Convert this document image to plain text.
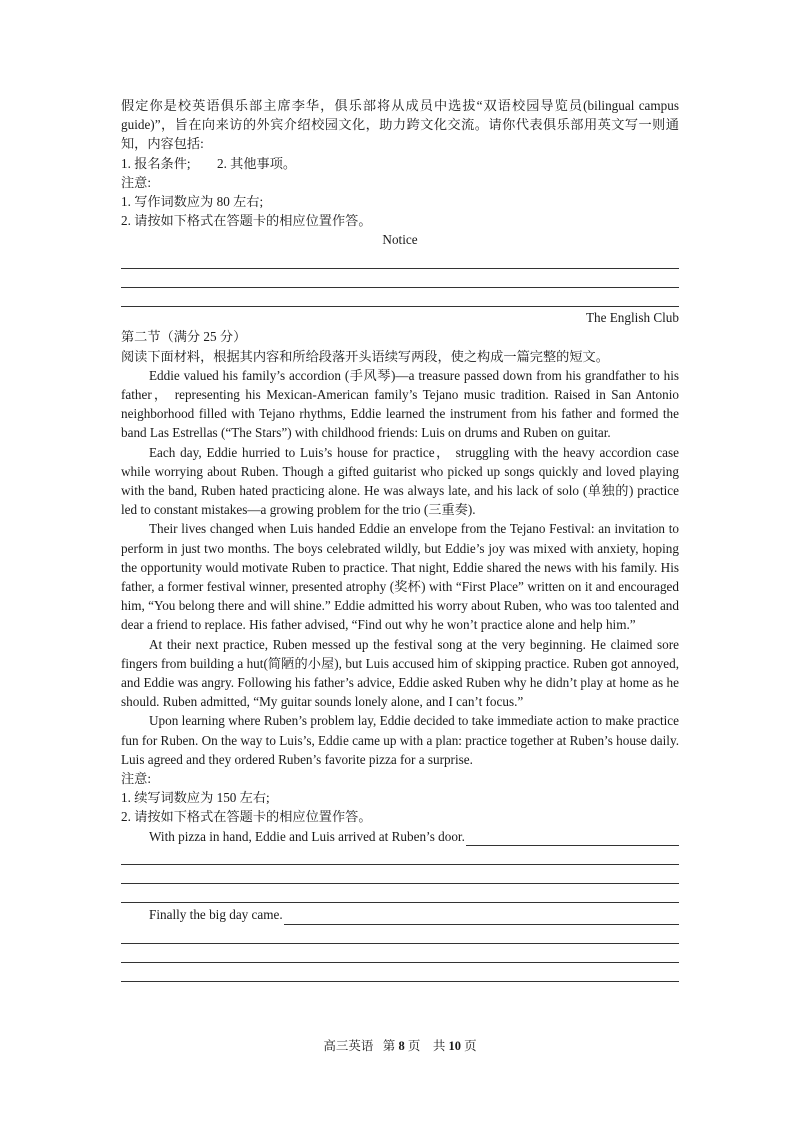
假定你是校英语俱乐部主席李华，俱乐部将从成员中选拔“双语校园导览员(bilingual campus guide)”，旨在向来访的外宾介绍校园文化，助力跨文化交流。请你代表俱乐部用英文写一则通知，内容包括:

1. 报名条件;　　2. 其他事项。

注意:

1. 写作词数应为 80 左右;

2. 请按如下格式在答题卡的相应位置作答。

Notice

The English Club

第二节（满分 25 分）

阅读下面材料，根据其内容和所给段落开头语续写两段，使之构成一篇完整的短文。

Eddie valued his family’s accordion (手风琴)—a treasure passed down from his grandfather to his father， representing his Mexican-American family’s Tejano music tradition. Raised in San Antonio neighborhood filled with Tejano rhythms, Eddie learned the instrument from his father and formed the band Las Estrellas (“The Stars”) with childhood friends: Luis on drums and Ruben on guitar.

Each day, Eddie hurried to Luis’s house for practice， struggling with the heavy accordion case while worrying about Ruben. Though a gifted guitarist who picked up songs quickly and loved playing with the band, Ruben hated practicing alone. He was always late, and his lack of solo (单独的) practice led to constant mistakes—a growing problem for the trio (三重奏).

Their lives changed when Luis handed Eddie an envelope from the Tejano Festival: an invitation to perform in just two months. The boys celebrated wildly, but Eddie’s joy was mixed with anxiety, hoping the opportunity would motivate Ruben to practice. That night, Eddie shared the news with his family. His father, a former festival winner, presented atrophy (奖杯) with “First Place” written on it and encouraged him, “You belong there and will shine.” Eddie admitted his worry about Ruben, who was too talented and dear a friend to replace. His father advised, “Find out why he won’t practice alone and help him.”

At their next practice, Ruben messed up the festival song at the very beginning. He claimed sore fingers from building a hut(简陋的小屋), but Luis accused him of skipping practice. Ruben got annoyed, and Eddie was angry. Following his father’s advice, Eddie asked Ruben why he didn’t play at home as he should. Ruben admitted, “My guitar sounds lonely alone, and I can’t focus.”

Upon learning where Ruben’s problem lay, Eddie decided to take immediate action to make practice fun for Ruben. On the way to Luis’s, Eddie came up with a plan: practice together at Ruben’s house daily. Luis agreed and they ordered Ruben’s favorite pizza for a surprise.

注意:

1. 续写词数应为 150 左右;

2. 请按如下格式在答题卡的相应位置作答。

With pizza in hand, Eddie and Luis arrived at Ruben’s door.
Finally the big day came.
高三英语 第 8 页　共 10 页
